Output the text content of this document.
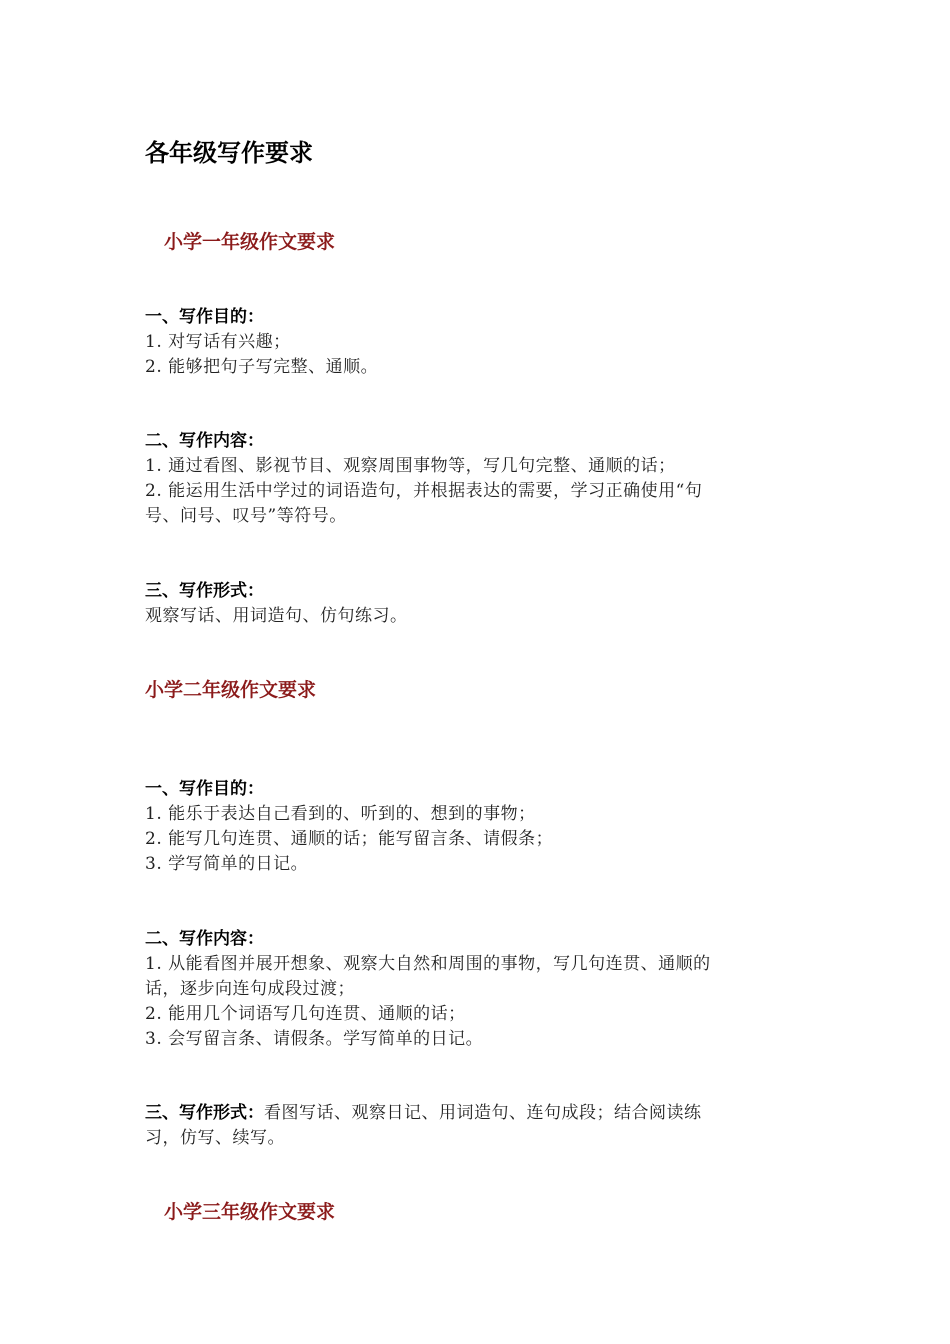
各年级写作要求
小学一年级作文要求
一、写作目的：
1. 对写话有兴趣；
2. 能够把句子写完整、通顺。
二、写作内容：
1. 通过看图、影视节目、观察周围事物等，写几句完整、通顺的话；
2. 能运用生活中学过的词语造句，并根据表达的需要，学习正确使用“句
号、问号、叹号”等符号。
三、写作形式：
观察写话、用词造句、仿句练习。
小学二年级作文要求
一、写作目的：
1. 能乐于表达自己看到的、听到的、想到的事物；
2. 能写几句连贯、通顺的话；能写留言条、请假条；
3. 学写简单的日记。
二、写作内容：
1. 从能看图并展开想象、观察大自然和周围的事物，写几句连贯、通顺的
话，逐步向连句成段过渡；
2. 能用几个词语写几句连贯、通顺的话；
3. 会写留言条、请假条。学写简单的日记。
三、写作形式：看图写话、观察日记、用词造句、连句成段；结合阅读练
习，仿写、续写。
小学三年级作文要求
